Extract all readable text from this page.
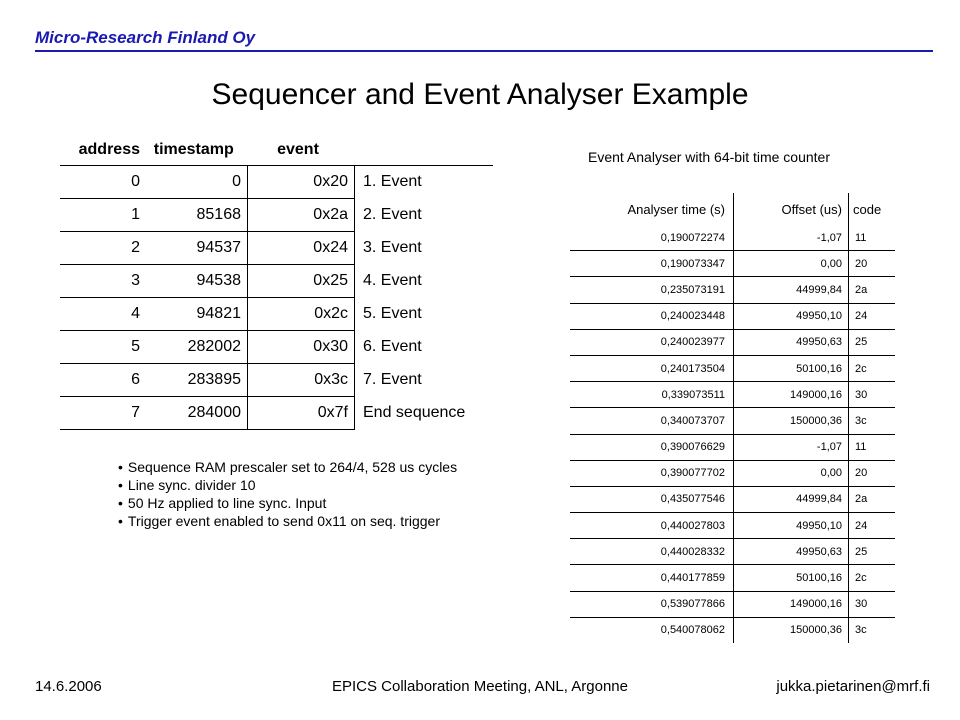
Micro-Research Finland Oy
Sequencer and Event Analyser Example
address	timestamp	event	
0	0	0x20	1. Event
1	85168	0x2a	2. Event
2	94537	0x24	3. Event
3	94538	0x25	4. Event
4	94821	0x2c	5. Event
5	282002	0x30	6. Event
6	283895	0x3c	7. Event
7	284000	0x7f	End sequence
• Sequence RAM prescaler set to 264/4, 528 us cycles
• Line sync. divider 10
• 50 Hz applied to line sync. Input
• Trigger event enabled to send 0x11 on seq. trigger
Event Analyser with 64-bit time counter
Analyser time (s)	Offset (us)	code
0,190072274	-1,07	11
0,190073347	0,00	20
0,235073191	44999,84	2a
0,240023448	49950,10	24
0,240023977	49950,63	25
0,240173504	50100,16	2c
0,339073511	149000,16	30
0,340073707	150000,36	3c
0,390076629	-1,07	11
0,390077702	0,00	20
0,435077546	44999,84	2a
0,440027803	49950,10	24
0,440028332	49950,63	25
0,440177859	50100,16	2c
0,539077866	149000,16	30
0,540078062	150000,36	3c
14.6.2006	EPICS Collaboration Meeting, ANL, Argonne	jukka.pietarinen@mrf.fi
